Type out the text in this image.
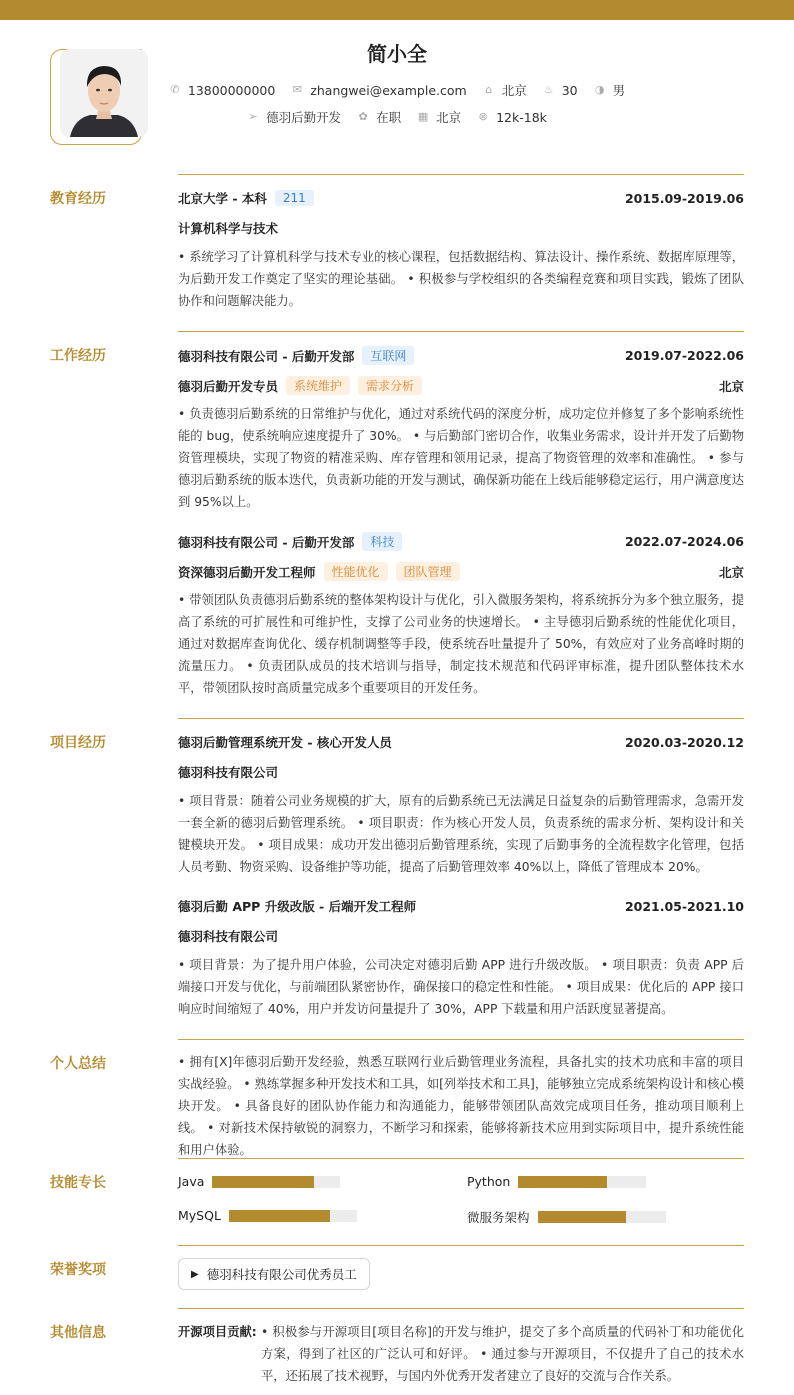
简小全
✆ 13800000000 ✉ zhangwei@example.com ⌂ 北京 ♨ 30 ◑ 男
➢ 德羽后勤开发 ✿ 在职 ▦ 北京 ⊗ 12k-18k
教育经历	北京大学 - 本科	211	2015.09-2019.06
计算机科学与技术
• 系统学习了计算机科学与技术专业的核心课程，包括数据结构、算法设计、操作系统、数据库原理等，为后勤开发工作奠定了坚实的理论基础。 • 积极参与学校组织的各类编程竞赛和项目实践，锻炼了团队协作和问题解决能力。
工作经历	德羽科技有限公司 - 后勤开发部	互联网	2019.07-2022.06
德羽后勤开发专员	系统维护	需求分析	北京
• 负责德羽后勤系统的日常维护与优化，通过对系统代码的深度分析，成功定位并修复了多个影响系统性能的 bug，使系统响应速度提升了 30%。 • 与后勤部门密切合作，收集业务需求，设计并开发了后勤物资管理模块，实现了物资的精准采购、库存管理和领用记录，提高了物资管理的效率和准确性。 • 参与德羽后勤系统的版本迭代，负责新功能的开发与测试，确保新功能在上线后能够稳定运行，用户满意度达到 95%以上。
德羽科技有限公司 - 后勤开发部	科技	2022.07-2024.06
资深德羽后勤开发工程师	性能优化	团队管理	北京
• 带领团队负责德羽后勤系统的整体架构设计与优化，引入微服务架构，将系统拆分为多个独立服务，提高了系统的可扩展性和可维护性，支撑了公司业务的快速增长。 • 主导德羽后勤系统的性能优化项目，通过对数据库查询优化、缓存机制调整等手段，使系统吞吐量提升了 50%，有效应对了业务高峰时期的流量压力。 • 负责团队成员的技术培训与指导，制定技术规范和代码评审标准，提升团队整体技术水平，带领团队按时高质量完成多个重要项目的开发任务。
项目经历	德羽后勤管理系统开发 - 核心开发人员	2020.03-2020.12
德羽科技有限公司
• 项目背景：随着公司业务规模的扩大，原有的后勤系统已无法满足日益复杂的后勤管理需求，急需开发一套全新的德羽后勤管理系统。 • 项目职责：作为核心开发人员，负责系统的需求分析、架构设计和关键模块开发。 • 项目成果：成功开发出德羽后勤管理系统，实现了后勤事务的全流程数字化管理，包括人员考勤、物资采购、设备维护等功能，提高了后勤管理效率 40%以上，降低了管理成本 20%。
德羽后勤 APP 升级改版 - 后端开发工程师	2021.05-2021.10
德羽科技有限公司
• 项目背景：为了提升用户体验，公司决定对德羽后勤 APP 进行升级改版。 • 项目职责：负责 APP 后端接口开发与优化，与前端团队紧密协作，确保接口的稳定性和性能。 • 项目成果：优化后的 APP 接口响应时间缩短了 40%，用户并发访问量提升了 30%，APP 下载量和用户活跃度显著提高。
个人总结	• 拥有[X]年德羽后勤开发经验，熟悉互联网行业后勤管理业务流程，具备扎实的技术功底和丰富的项目实战经验。 • 熟练掌握多种开发技术和工具，如[列举技术和工具]，能够独立完成系统架构设计和核心模块开发。 • 具备良好的团队协作能力和沟通能力，能够带领团队高效完成项目任务，推动项目顺利上线。 • 对新技术保持敏锐的洞察力，不断学习和探索，能够将新技术应用到实际项目中，提升系统性能和用户体验。
技能专长	Java	Python
MySQL	微服务架构
荣誉奖项	▶ 德羽科技有限公司优秀员工
其他信息	开源项目贡献: • 积极参与开源项目[项目名称]的开发与维护，提交了多个高质量的代码补丁和功能优化方案，得到了社区的广泛认可和好评。 • 通过参与开源项目，不仅提升了自己的技术水平，还拓展了技术视野，与国内外优秀开发者建立了良好的交流与合作关系。
